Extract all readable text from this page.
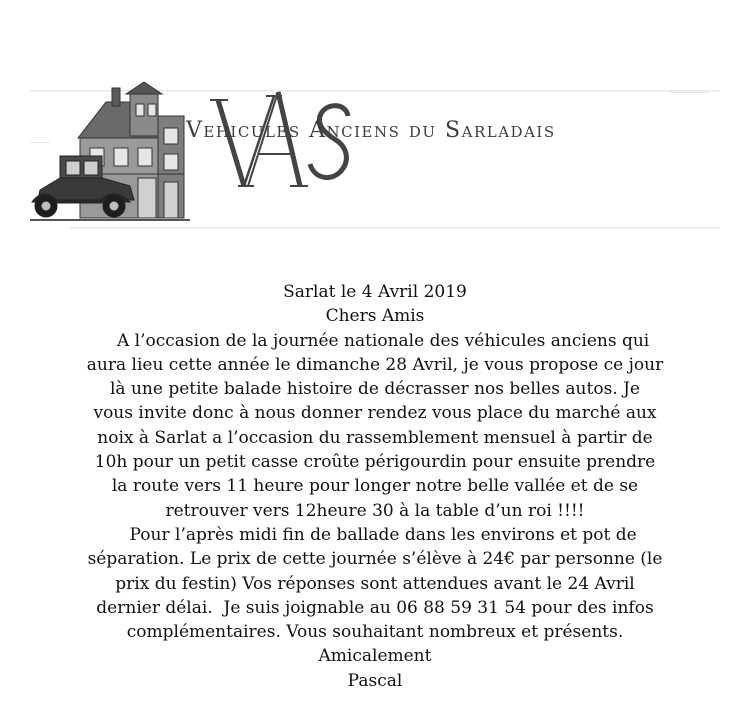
Vehicules Anciens du Sarladais
Sarlat le 4 Avril 2019
Chers Amis
A l’occasion de la journée nationale des véhicules anciens qui
aura lieu cette année le dimanche 28 Avril, je vous propose ce jour
là une petite balade histoire de décrasser nos belles autos. Je
vous invite donc à nous donner rendez vous place du marché aux
noix à Sarlat a l’occasion du rassemblement mensuel à partir de
10h pour un petit casse croûte périgourdin pour ensuite prendre
la route vers 11 heure pour longer notre belle vallée et de se
retrouver vers 12heure 30 à la table d’un roi !!!!
Pour l’après midi fin de ballade dans les environs et pot de
séparation. Le prix de cette journée s’élève à 24€ par personne (le
prix du festin) Vos réponses sont attendues avant le 24 Avril
dernier délai.  Je suis joignable au 06 88 59 31 54 pour des infos
complémentaires. Vous souhaitant nombreux et présents.
Amicalement
Pascal
